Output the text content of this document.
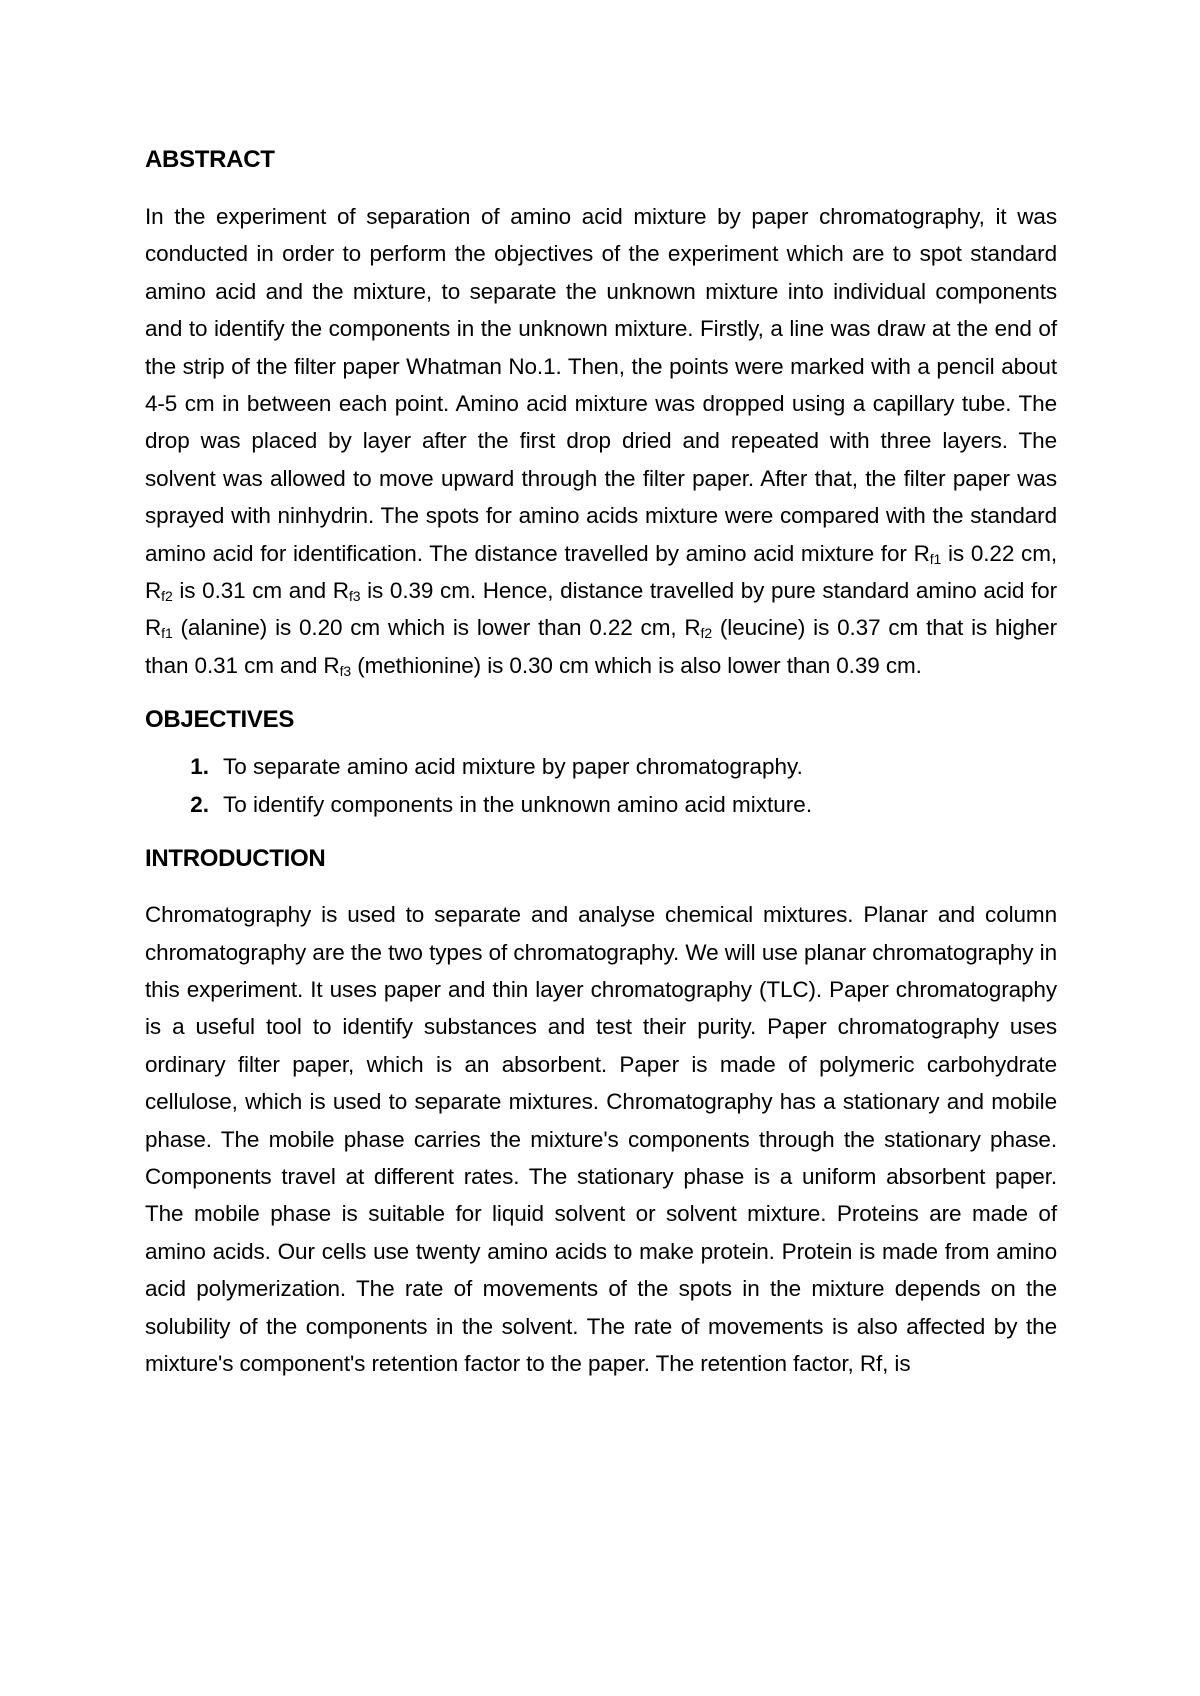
ABSTRACT

In the experiment of separation of amino acid mixture by paper chromatography, it was conducted in order to perform the objectives of the experiment which are to spot standard amino acid and the mixture, to separate the unknown mixture into individual components and to identify the components in the unknown mixture. Firstly, a line was draw at the end of the strip of the filter paper Whatman No.1. Then, the points were marked with a pencil about 4-5 cm in between each point. Amino acid mixture was dropped using a capillary tube. The drop was placed by layer after the first drop dried and repeated with three layers. The solvent was allowed to move upward through the filter paper. After that, the filter paper was sprayed with ninhydrin. The spots for amino acids mixture were compared with the standard amino acid for identification. The distance travelled by amino acid mixture for $R_{f1}$ is 0.22 cm, $R_{f2}$ is 0.31 cm and $R_{f3}$ is 0.39 cm. Hence, distance travelled by pure standard amino acid for $R_{f1}$ (alanine) is 0.20 cm which is lower than 0.22 cm, $R_{f2}$ (leucine) is 0.37 cm that is higher than 0.31 cm and $R_{f3}$ (methionine) is 0.30 cm which is also lower than 0.39 cm.

OBJECTIVES
1. To separate amino acid mixture by paper chromatography.
2. To identify components in the unknown amino acid mixture.
INTRODUCTION

Chromatography is used to separate and analyse chemical mixtures. Planar and column chromatography are the two types of chromatography. We will use planar chromatography in this experiment. It uses paper and thin layer chromatography (TLC). Paper chromatography is a useful tool to identify substances and test their purity. Paper chromatography uses ordinary filter paper, which is an absorbent. Paper is made of polymeric carbohydrate cellulose, which is used to separate mixtures. Chromatography has a stationary and mobile phase. The mobile phase carries the mixture's components through the stationary phase. Components travel at different rates. The stationary phase is a uniform absorbent paper. The mobile phase is suitable for liquid solvent or solvent mixture. Proteins are made of amino acids. Our cells use twenty amino acids to make protein. Protein is made from amino acid polymerization. The rate of movements of the spots in the mixture depends on the solubility of the components in the solvent. The rate of movements is also affected by the mixture's component's retention factor to the paper. The retention factor, Rf, is
